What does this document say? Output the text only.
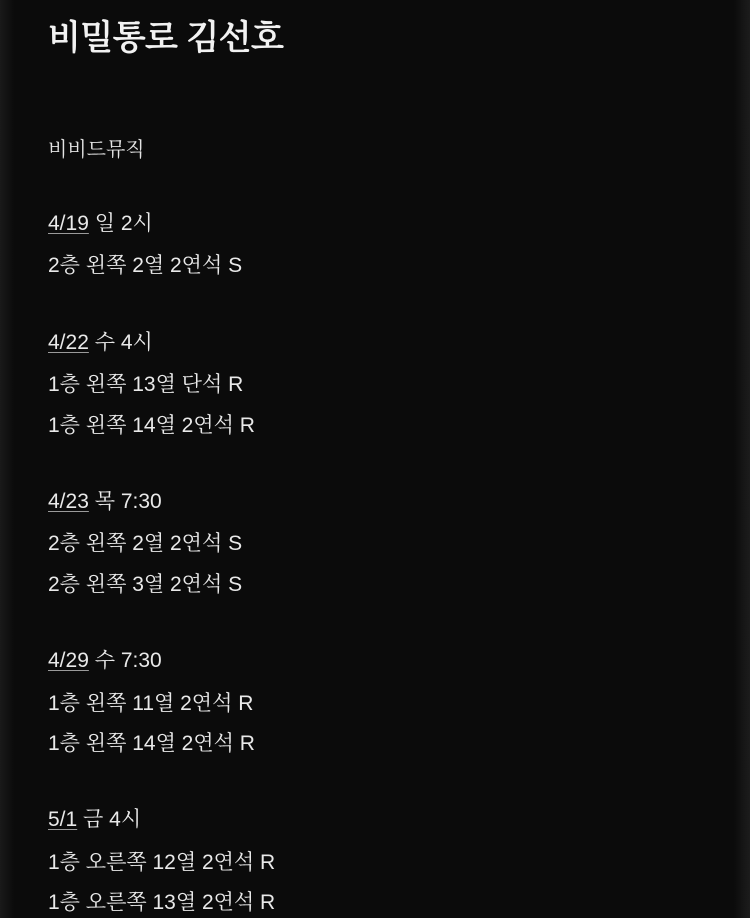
비밀통로 김선호

비비드뮤직

4/19 일 2시

2층 왼쪽 2열 2연석 S

4/22 수 4시

1층 왼쪽 13열 단석 R

1층 왼쪽 14열 2연석 R

4/23 목 7:30

2층 왼쪽 2열 2연석 S

2층 왼쪽 3열 2연석 S

4/29 수 7:30

1층 왼쪽 11열 2연석 R

1층 왼쪽 14열 2연석 R

5/1 금 4시

1층 오른쪽 12열 2연석 R

1층 오른쪽 13열 2연석 R
